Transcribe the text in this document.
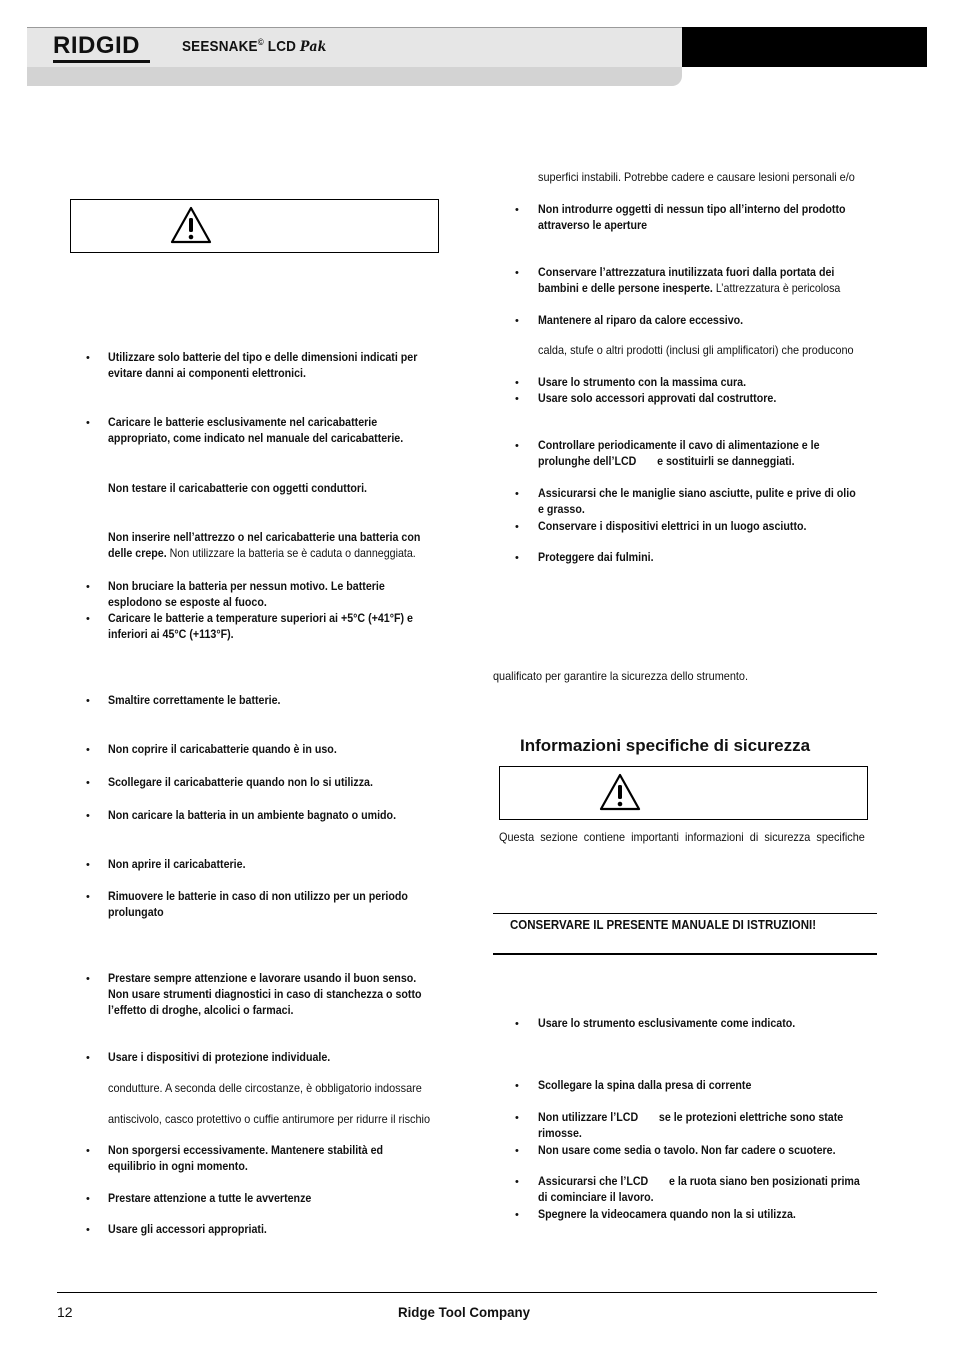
RIDGID	SEESNAKE© LCD Pak
• Utilizzare solo batterie del tipo e delle dimensioni indicati per
evitare danni ai componenti elettronici.
• Caricare le batterie esclusivamente nel caricabatterie
appropriato, come indicato nel manuale del caricabatterie.
Non testare il caricabatterie con oggetti conduttori.
Non inserire nell’attrezzo o nel caricabatterie una batteria con
delle crepe. Non utilizzare la batteria se è caduta o danneggiata.
• Non bruciare la batteria per nessun motivo. Le batterie
esplodono se esposte al fuoco.
• Caricare le batterie a temperature superiori ai +5°C (+41°F) e
inferiori ai 45°C (+113°F).
• Smaltire correttamente le batterie.
• Non coprire il caricabatterie quando è in uso.
• Scollegare il caricabatterie quando non lo si utilizza.
• Non caricare la batteria in un ambiente bagnato o umido.
• Non aprire il caricabatterie.
• Rimuovere le batterie in caso di non utilizzo per un periodo
prolungato
• Prestare sempre attenzione e lavorare usando il buon senso.
Non usare strumenti diagnostici in caso di stanchezza o sotto
l’effetto di droghe, alcolici o farmaci.
• Usare i dispositivi di protezione individuale.
condutture. A seconda delle circostanze, è obbligatorio indossare
antiscivolo, casco protettivo o cuffie antirumore per ridurre il rischio
• Non sporgersi eccessivamente. Mantenere stabilità ed
equilibrio in ogni momento.
• Prestare attenzione a tutte le avvertenze
• Usare gli accessori appropriati.
superfici instabili. Potrebbe cadere e causare lesioni personali e/o
• Non introdurre oggetti di nessun tipo all’interno del prodotto
attraverso le aperture
• Conservare l’attrezzatura inutilizzata fuori dalla portata dei
bambini e delle persone inesperte. L’attrezzatura è pericolosa
• Mantenere al riparo da calore eccessivo.
calda, stufe o altri prodotti (inclusi gli amplificatori) che producono
• Usare lo strumento con la massima cura.
• Usare solo accessori approvati dal costruttore.
• Controllare periodicamente il cavo di alimentazione e le
prolunghe dell’LCD       e sostituirli se danneggiati.
• Assicurarsi che le maniglie siano asciutte, pulite e prive di olio
e grasso.
• Conservare i dispositivi elettrici in un luogo asciutto.
• Proteggere dai fulmini.
qualificato per garantire la sicurezza dello strumento.
Questa  sezione  contiene  importanti  informazioni  di  sicurezza  specifiche
• Usare lo strumento esclusivamente come indicato.
• Scollegare la spina dalla presa di corrente
• Non utilizzare l’LCD       se le protezioni elettriche sono state
rimosse.
• Non usare come sedia o tavolo. Non far cadere o scuotere.
• Assicurarsi che l’LCD       e la ruota siano ben posizionati prima
di cominciare il lavoro.
• Spegnere la videocamera quando non la si utilizza.
Informazioni specifiche di sicurezza
CONSERVARE IL PRESENTE MANUALE DI ISTRUZIONI!
12	Ridge Tool Company
